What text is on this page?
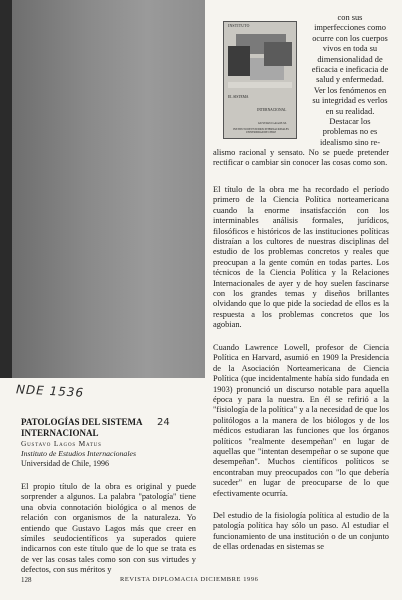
INSTITUTO
EL SISTEMA
INTERNACIONAL
GUSTAVO LAGOS M.
INSTITUTO DE ESTUDIOS INTERNACIONALES UNIVERSIDAD DE CHILE
con sus imperfecciones como ocurre con los cuerpos vivos en toda su dimensionalidad de eficacia e ineficacia de salud y enfermedad. Ver los fenómenos en su integridad es verlos en su realidad. Destacar los problemas no es idealismo sino re-
alismo racional y sensato. No se puede pretender rectificar o cambiar sin conocer las cosas como son.
El título de la obra me ha recordado el período primero de la Ciencia Política norteamericana cuando la enorme insatisfacción con los interminables análisis formales, jurídicos, filosóficos e históricos de las instituciones políticas distraían a los cultores de nuestras disciplinas del estudio de los problemas concretos y reales que preocupan a la gente común en todas partes. Los técnicos de la Ciencia Política y la Relaciones Internacionales de ayer y de hoy suelen fascinarse con los grandes temas y diseños brillantes olvidando que lo que pide la sociedad de ellos es la respuesta a los problemas concretos que los agobian.
Cuando Lawrence Lowell, profesor de Ciencia Política en Harvard, asumió en 1909 la Presidencia de la Asociación Norteamericana de Ciencia Política (que incidentalmente había sido fundada en 1903) pronunció un discurso notable para aquella época y para la nuestra. En él se refirió a la "fisiología de la política" y a la necesidad de que los politólogos a la manera de los biólogos y de los médicos estudiaran las funciones que los órganos políticos "realmente desempeñan" en lugar de aquellas que "intentan desempeñar o se supone que desempeñan". Muchos científicos políticos se encontraban muy preocupados con "lo que debería suceder" en lugar de preocuparse de lo que efectivamente ocurría.
Del estudio de la fisiología política al estudio de la patología política hay sólo un paso. Al estudiar el funcionamiento de una institución o de un conjunto de ellas ordenadas en sistemas se
NDE 1536
24
PATOLOGÍAS DEL SISTEMA INTERNACIONAL
Gustavo Lagos Matus
Instituto de Estudios Internacionales
Universidad de Chile, 1996
El propio título de la obra es original y puede sorprender a algunos. La palabra "patología" tiene una obvia connotación biológica o al menos de relación con organismos de la naturaleza. Yo entiendo que Gustavo Lagos más que creer en símiles seudocientíficos ya superados quiere indicarnos con este título que de lo que se trata es de ver las cosas tales como son con sus virtudes y defectos, con sus méritos y
128	REVISTA DIPLOMACIA DICIEMBRE 1996
